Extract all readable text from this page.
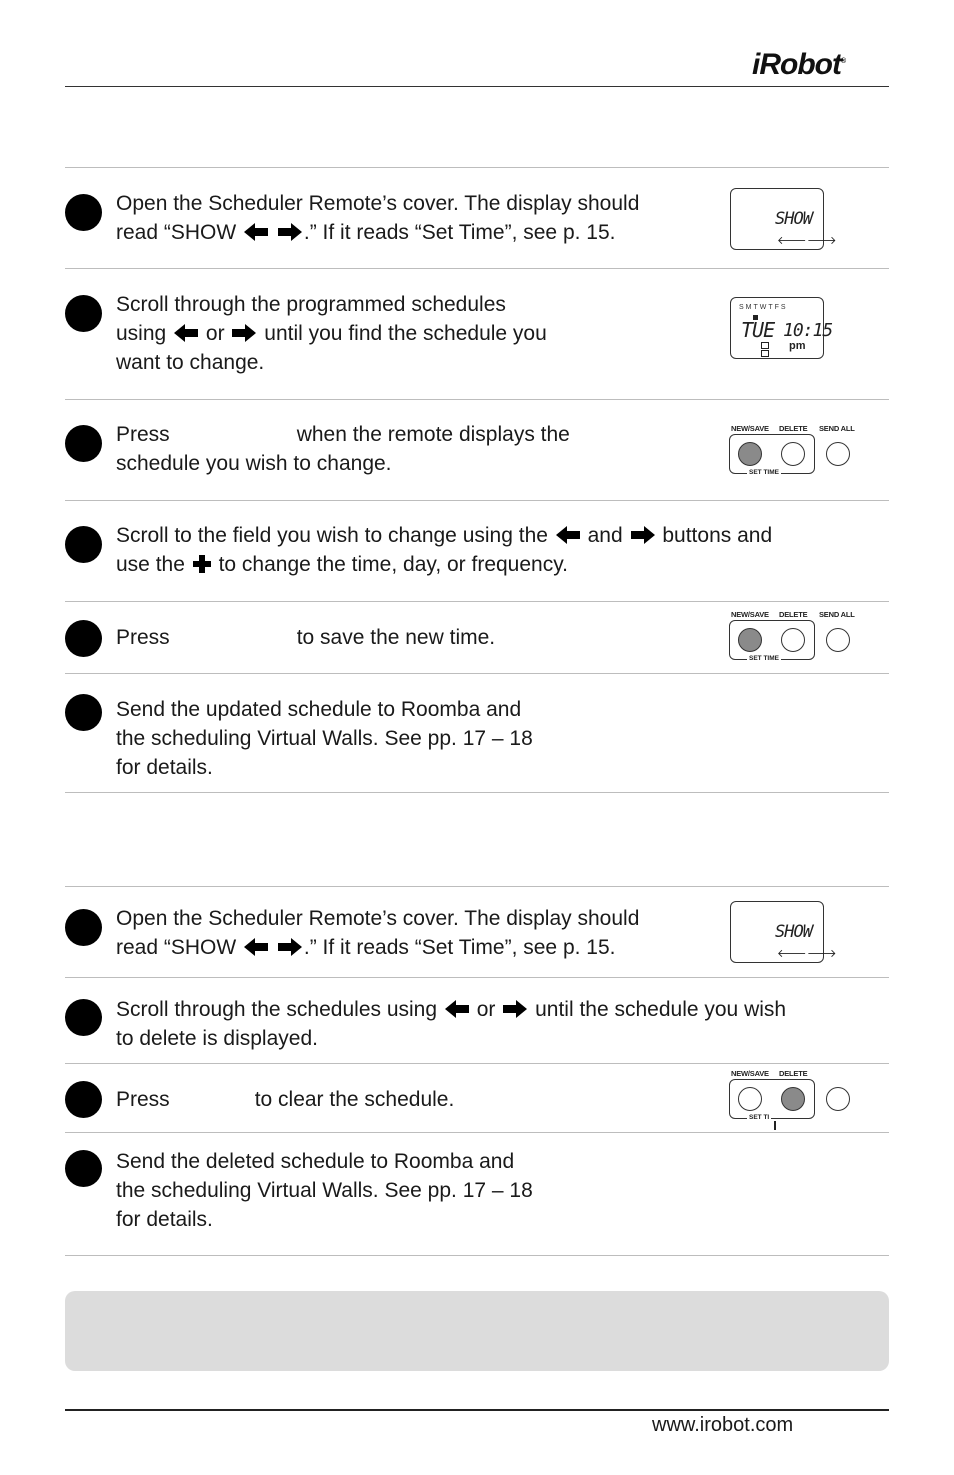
iRobot®
Open the Scheduler Remote’s cover. The display should
read “SHOW	.” If it reads “Set Time”, see p. 15.
SHOW
🡐 🡒
Scroll through the programmed schedules
using or until you find the schedule you
want to change.
SMTWTFS
TUE 10:15
pm
Press	when the remote displays the
schedule you wish to change.
NEW/SAVE DELETE SEND ALL
SET TIME
Scroll to the field you wish to change using the and buttons and
use the to change the time, day, or frequency.
Press	to save the new time.
NEW/SAVE DELETE SEND ALL
SET TIME
Send the updated schedule to Roomba and
the scheduling Virtual Walls. See pp. 17 – 18
for details.
Open the Scheduler Remote’s cover. The display should
read “SHOW	.” If it reads “Set Time”, see p. 15.
SHOW
🡐 🡒
Scroll through the schedules using or until the schedule you wish
to delete is displayed.
Press	to clear the schedule.
NEW/SAVE DELETE
SET TI
Send the deleted schedule to Roomba and
the scheduling Virtual Walls. See pp. 17 – 18
for details.
www.irobot.com
